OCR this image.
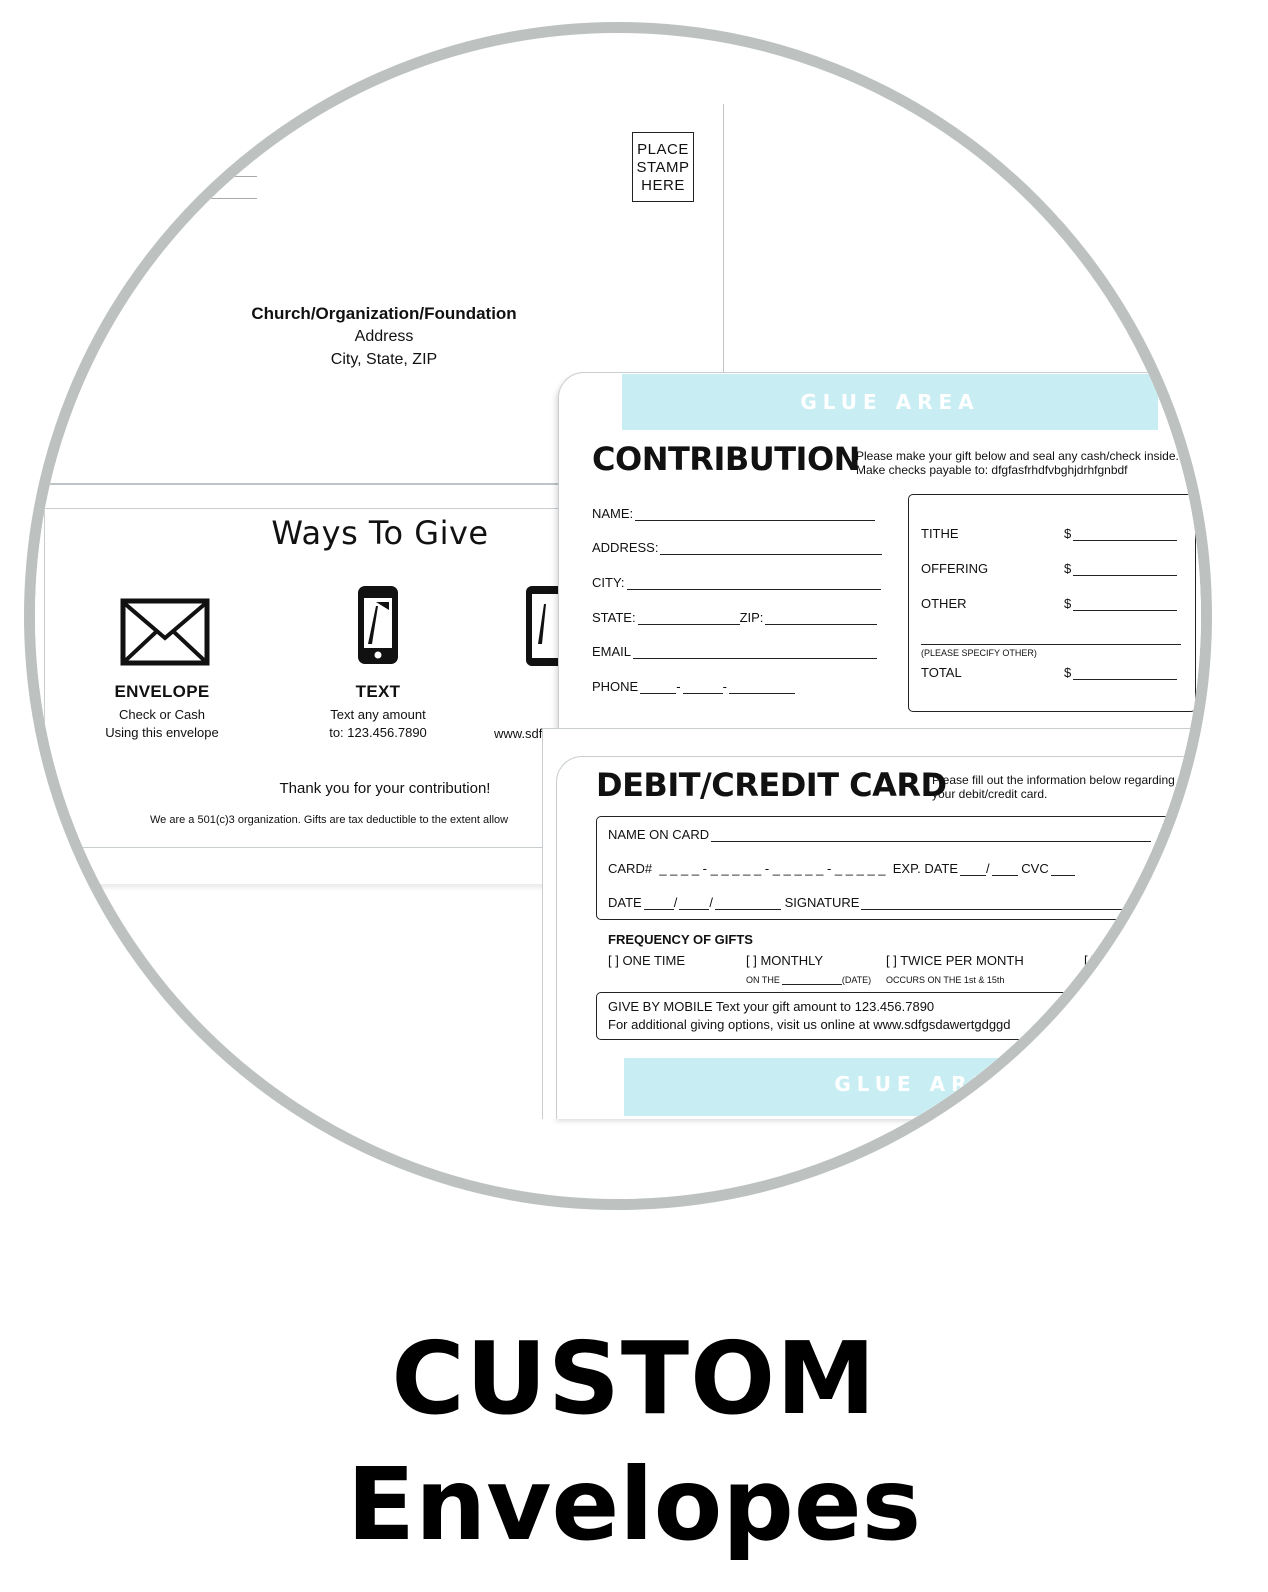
PLACE
STAMP
HERE
Church/Organization/Foundation
Address
City, State, ZIP
Ways To Give
ENVELOPE
Check or Cash
Using this envelope
TEXT
Text any amount
to: 123.456.7890	www.sdf
Thank you for your contribution!
We are a 501(c)3 organization. Gifts are tax deductible to the extent allow
GLUE AREA
CONTRIBUTION
Please make your gift below and seal any cash/check inside.
Make checks payable to: dfgfasfrhdfvbghjdrhfgnbdf
NAME:
ADDRESS:
CITY:
STATE:	ZIP:
EMAIL
PHONE	-	-
TITHE	$
OFFERING	$
OTHER	$
(PLEASE SPECIFY OTHER)
TOTAL	$
DEBIT/CREDIT CARD
Please fill out the information below regarding
your debit/credit card.
NAME ON CARD
CARD# _ _ _ _ - _ _ _ _ _ - _ _ _ _ _ - _ _ _ _ _ EXP. DATE / CVC
DATE / /	SIGNATURE
FREQUENCY OF GIFTS
[ ] ONE TIME	[ ] MONTHLY
ON THE	(DATE)
[ ] TWICE PER MONTH
OCCURS ON THE 1st & 15th
[ ]
GIVE BY MOBILE Text your gift amount to 123.456.7890
For additional giving options, visit us online at www.sdfgsdawertgdggd
GLUE AREA
CUSTOM
Envelopes
